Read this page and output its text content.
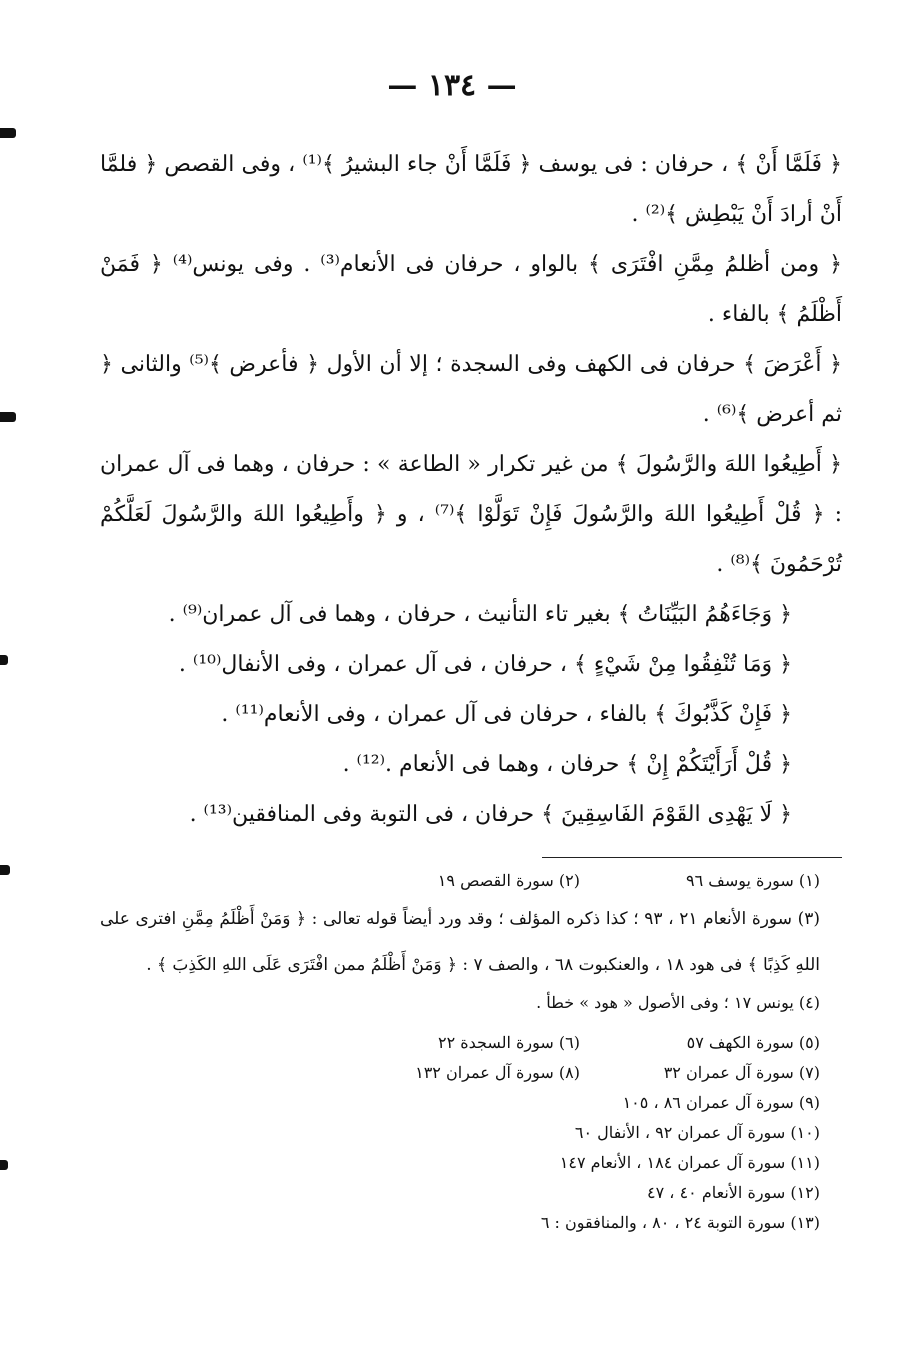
— ١٣٤ —

﴿ فَلَمَّا أَنْ ﴾ ، حرفان : فى يوسف ﴿ فَلَمَّا أَنْ جاء البشيرُ ﴾⁽¹⁾ ، وفى القصص ﴿ فلمَّا أَنْ أرادَ أَنْ يَبْطِش ﴾⁽²⁾ .

﴿ ومن أظلمُ مِمَّنِ افْتَرَى ﴾ بالواو ، حرفان فى الأنعام⁽³⁾ . وفى يونس⁽⁴⁾ ﴿ فَمَنْ أَظْلَمُ ﴾ بالفاء .

﴿ أَعْرَضَ ﴾ حرفان فى الكهف وفى السجدة ؛ إلا أن الأول ﴿ فأعرض ﴾⁽⁵⁾ والثانى ﴿ ثم أعرض ﴾⁽⁶⁾ .

﴿ أَطِيعُوا اللهَ والرَّسُولَ ﴾ من غير تكرار « الطاعة » : حرفان ، وهما فى آل عمران : ﴿ قُلْ أَطِيعُوا اللهَ والرَّسُولَ فَإِنْ تَوَلَّوْا ﴾⁽⁷⁾ ، و ﴿ وأَطِيعُوا اللهَ والرَّسُولَ لَعَلَّكُمْ تُرْحَمُونَ ﴾⁽⁸⁾ .

﴿ وَجَاءَهُمُ البَيِّنَاتُ ﴾ بغير تاء التأنيث ، حرفان ، وهما فى آل عمران⁽⁹⁾ .

﴿ وَمَا تُنْفِقُوا مِنْ شَيْءٍ ﴾ ، حرفان ، فى آل عمران ، وفى الأنفال⁽¹⁰⁾ .

﴿ فَإِنْ كَذَّبُوكَ ﴾ بالفاء ، حرفان فى آل عمران ، وفى الأنعام⁽¹¹⁾ .

﴿ قُلْ أَرَأَيْتَكُمْ إِنْ ﴾ حرفان ، وهما فى الأنعام .⁽¹²⁾ .

﴿ لَا يَهْدِى القَوْمَ الفَاسِقِينَ ﴾ حرفان ، فى التوبة وفى المنافقين⁽¹³⁾ .

(١) سورة يوسف ٩٦
(٢) سورة القصص ١٩
(٣) سورة الأنعام ٢١ ، ٩٣ ؛ كذا ذكره المؤلف ؛ وقد ورد أيضاً قوله تعالى : ﴿ وَمَنْ أَظْلَمُ مِمَّنِ افترى على اللهِ كَذِبًا ﴾ فى هود ١٨ ، والعنكبوت ٦٨ ، والصف ٧ : ﴿ وَمَنْ أَظْلَمُ ممن افْتَرَى عَلَى اللهِ الكَذِبَ ﴾ .
(٤) يونس ١٧ ؛ وفى الأصول « هود » خطأ .
(٥) سورة الكهف ٥٧
(٦) سورة السجدة ٢٢
(٧) سورة آل عمران ٣٢
(٨) سورة آل عمران ١٣٢
(٩) سورة آل عمران ٨٦ ، ١٠٥
(١٠) سورة آل عمران ٩٢ ، الأنفال ٦٠
(١١) سورة آل عمران ١٨٤ ، الأنعام ١٤٧
(١٢) سورة الأنعام ٤٠ ، ٤٧
(١٣) سورة التوبة ٢٤ ، ٨٠ ، والمنافقون : ٦
